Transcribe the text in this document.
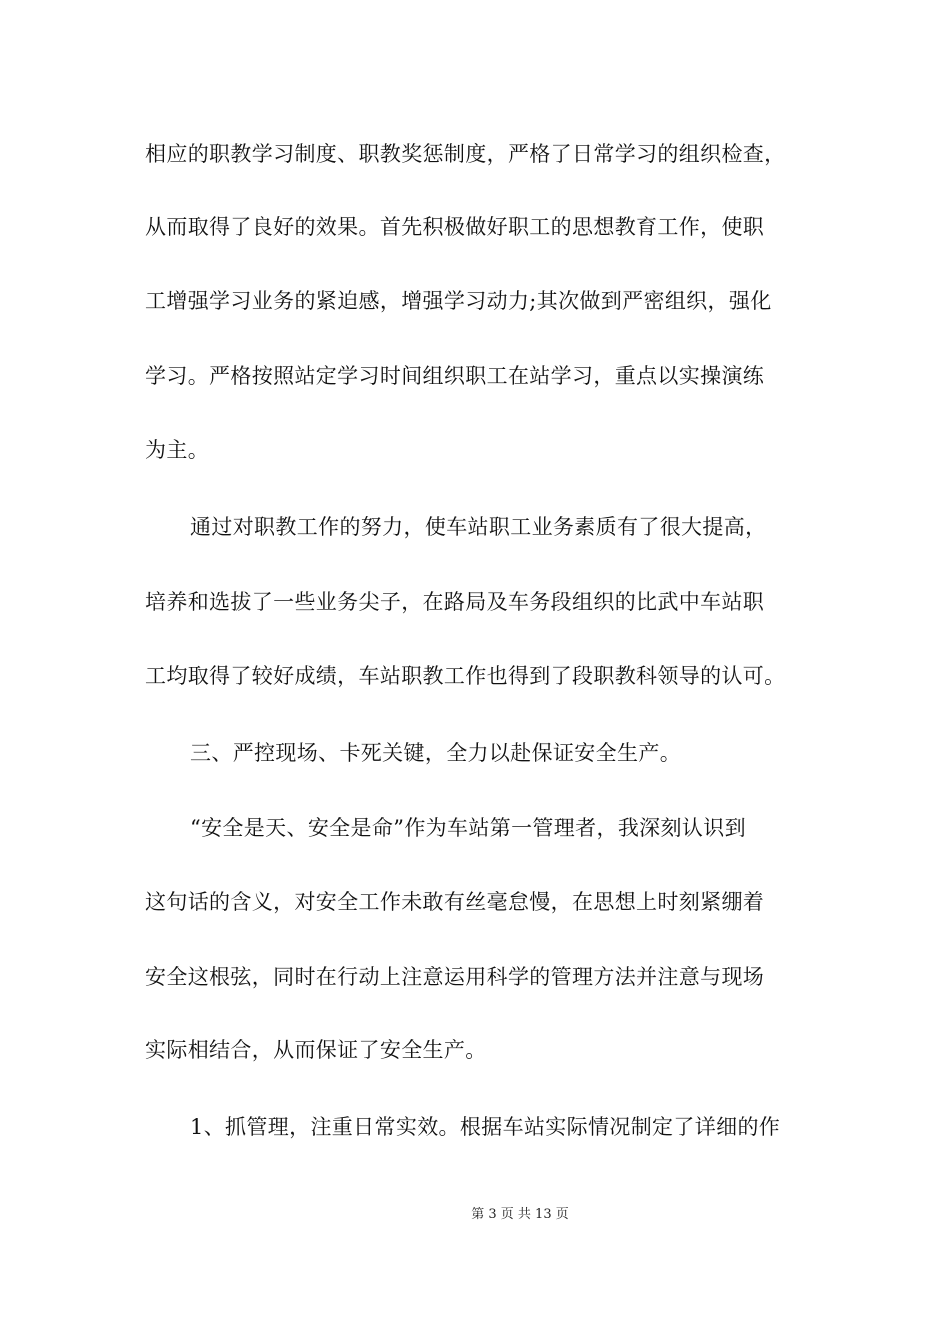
相应的职教学习制度、职教奖惩制度，严格了日常学习的组织检查，
从而取得了良好的效果。首先积极做好职工的思想教育工作，使职
工增强学习业务的紧迫感，增强学习动力;其次做到严密组织，强化
学习。严格按照站定学习时间组织职工在站学习，重点以实操演练
为主。
通过对职教工作的努力，使车站职工业务素质有了很大提高，
培养和选拔了一些业务尖子，在路局及车务段组织的比武中车站职
工均取得了较好成绩，车站职教工作也得到了段职教科领导的认可。
三、严控现场、卡死关键，全力以赴保证安全生产。
“安全是天、安全是命”作为车站第一管理者，我深刻认识到
这句话的含义，对安全工作未敢有丝毫怠慢，在思想上时刻紧绷着
安全这根弦，同时在行动上注意运用科学的管理方法并注意与现场
实际相结合，从而保证了安全生产。
1、抓管理，注重日常实效。根据车站实际情况制定了详细的作
第 3 页 共 13 页
